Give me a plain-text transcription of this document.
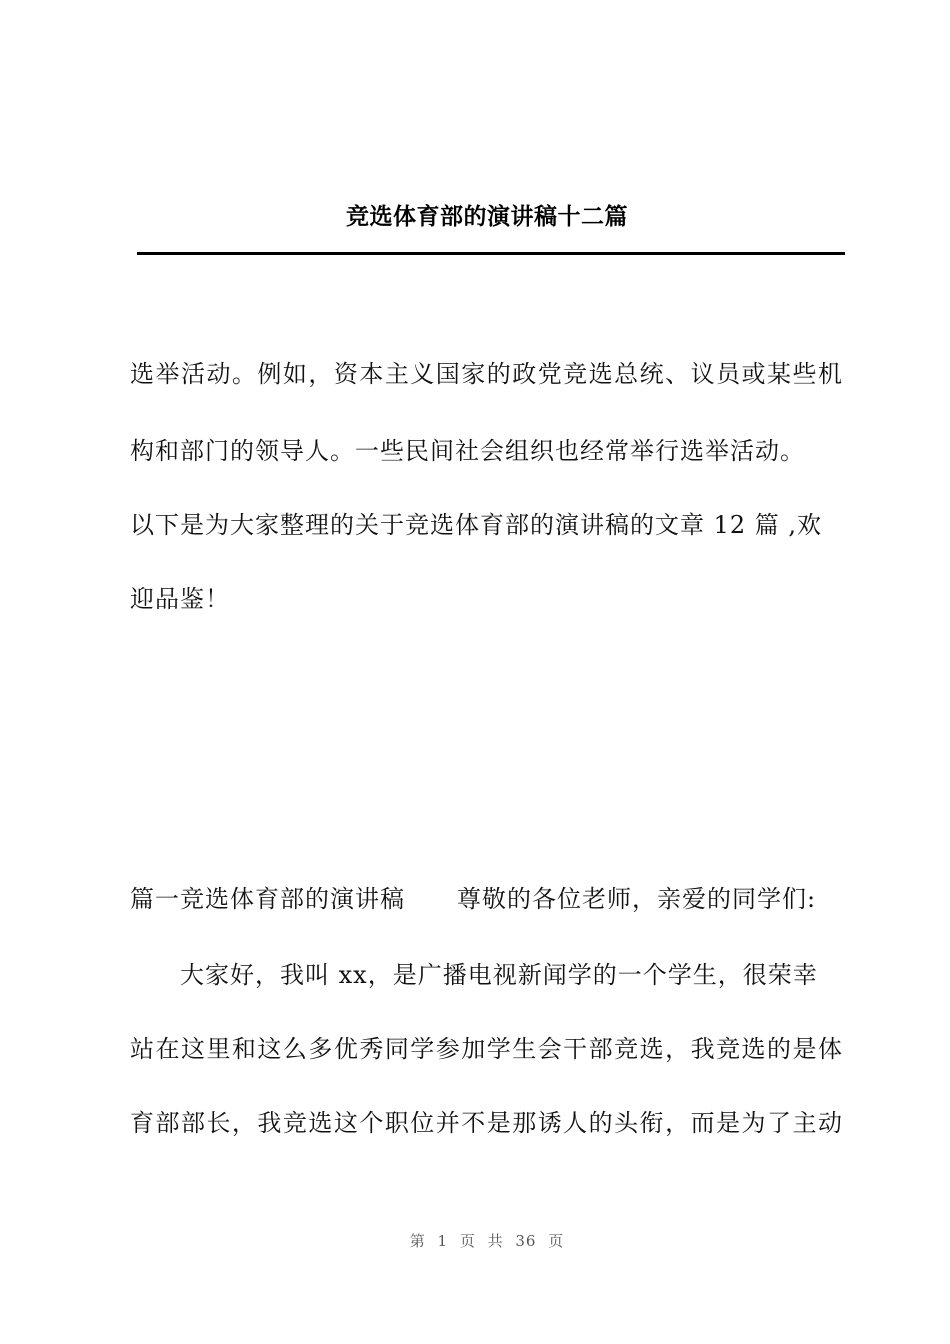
竞选体育部的演讲稿十二篇
选举活动。例如，资本主义国家的政党竞选总统、议员或某些机
构和部门的领导人。一些民间社会组织也经常举行选举活动。
以下是为大家整理的关于竞选体育部的演讲稿的文章 12 篇 ,欢
迎品鉴！
篇一竞选体育部的演讲稿 尊敬的各位老师，亲爱的同学们:
大家好，我叫 xx，是广播电视新闻学的一个学生，很荣幸
站在这里和这么多优秀同学参加学生会干部竞选，我竞选的是体
育部部长，我竞选这个职位并不是那诱人的头衔，而是为了主动
第 1 页 共 36 页
